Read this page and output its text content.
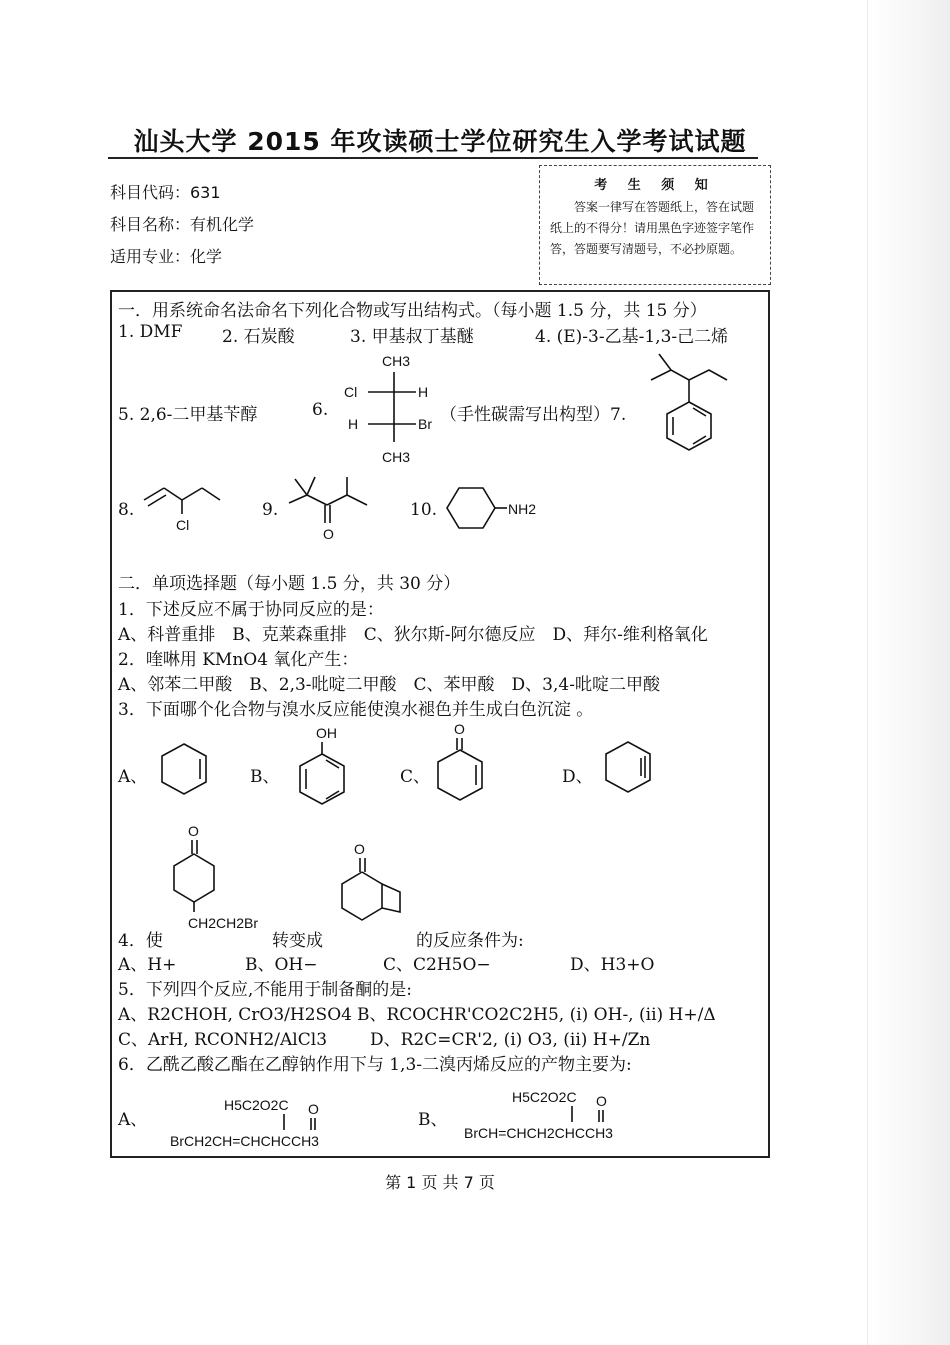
汕头大学 2015 年攻读硕士学位研究生入学考试试题
科目代码：631
科目名称：有机化学
适用专业：化学
考 生 须 知

答案一律写在答题纸上，答在试题纸上的不得分！请用黑色字迹签字笔作答，答题要写清题号，不必抄原题。

一．用系统命名法命名下列化合物或写出结构式。（每小题 1.5 分，共 15 分）
1. DMF 2. 石炭酸	3. 甲基叔丁基醚	4. (E)-3-乙基-1,3-己二烯
5. 2,6-二甲基苄醇	6.	（手性碳需写出构型）7.
CH3
CH3
Cl	H
H	Br
8.
Cl
9.
O
10.	NH2
二．单项选择题（每小题 1.5 分，共 30 分）
1．下述反应不属于协同反应的是：
A、科普重排　B、克莱森重排　C、狄尔斯-阿尔德反应　D、拜尔-维利格氧化
2．喹啉用 KMnO4 氧化产生：
A、邻苯二甲酸　B、2,3-吡啶二甲酸　C、苯甲酸　D、3,4-吡啶二甲酸
3．下面哪个化合物与溴水反应能使溴水褪色并生成白色沉淀 。
A、	B、
OH
C、
O
D、
O
CH2CH2Br
O
4．使	转变成	的反应条件为:
A、H+	B、OH−	C、C2H5O−	D、H3+O
5．下列四个反应,不能用于制备酮的是:
A、R2CHOH, CrO3/H2SO4 B、RCOCHR'CO2C2H5, (i) OH-, (ii) H+/Δ
C、ArH, RCONH2/AlCl3	D、R2C=CR'2, (i) O3, (ii) H+/Zn
6．乙酰乙酸乙酯在乙醇钠作用下与 1,3-二溴丙烯反应的产物主要为:
A、
H5C2O2C O
BrCH2CH=CHCHCCH3
B、
H5C2O2C O
BrCH=CHCH2CHCCH3
第 1 页 共 7 页
